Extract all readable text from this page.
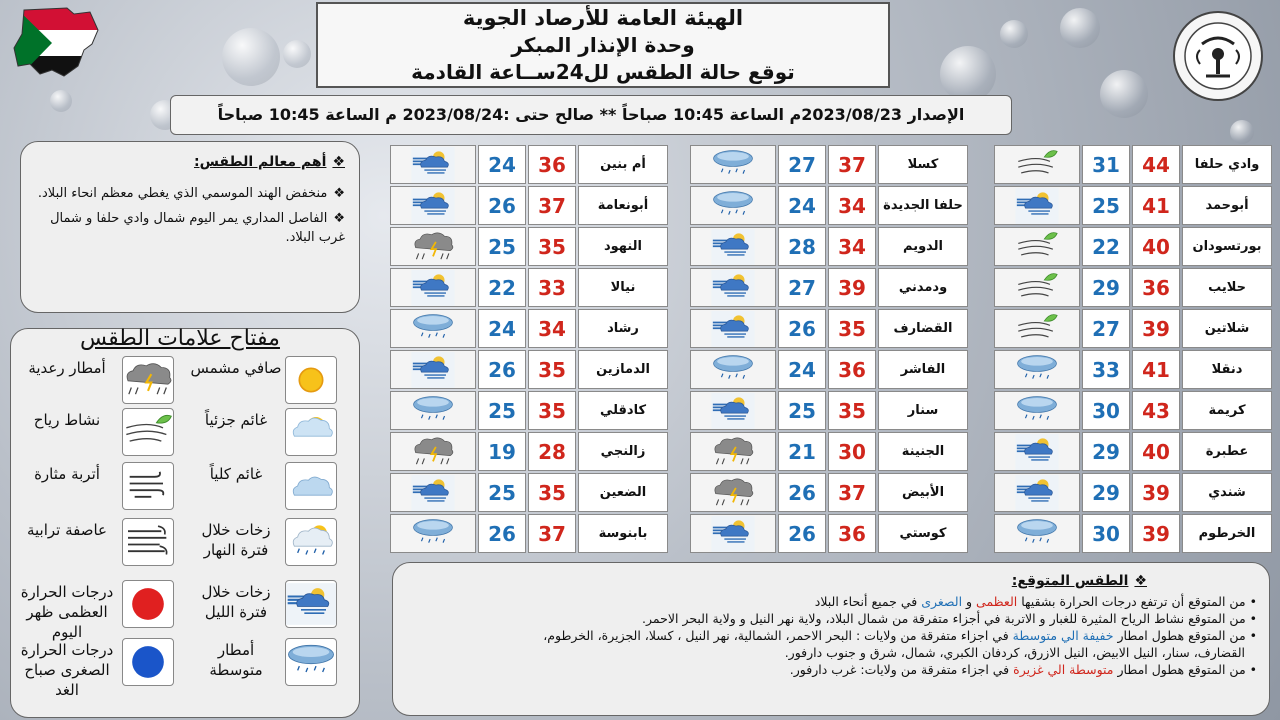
الهيئة العامة للأرصاد الجوية
وحدة الإنذار المبكر
توقع حالة الطقس لل24ســاعة القادمة
الإصدار 2023/08/23م الساعة 10:45 صباحاً ** صالح حتى :2023/08/24 م الساعة 10:45 صباحاً
❖أهم معالم الطقس:
❖منخفض الهند الموسمي الذي يغطي معظم انحاء البلاد.
❖الفاصل المداري يمر اليوم شمال وادي حلفا و شمال غرب البلاد.
مفتاح علامات الطقس
صافي مشمس
أمطار رعدية
غائم جزئياً
نشاط رياح
غائم كلياً
أتربة مثارة
زخات خلال فترة النهار
عاصفة ترابية
زخات خلال فترة الليل
درجات الحرارة العظمى ظهر اليوم
أمطار متوسطة
درجات الحرارة الصغرى صباح الغد
31	44	وادي حلفا
25	41	أبوحمد
22	40	بورتسودان
29	36	حلايب
27	39	شلاتين
33	41	دنقلا
30	43	كريمة
29	40	عطبرة
29	39	شندي
30	39	الخرطوم
27	37	كسلا
24	34	حلفا الجديدة
28	34	الدويم
27	39	ودمدني
26	35	القضارف
24	36	الفاشر
25	35	سنار
21	30	الجنينة
26	37	الأبيض
26	36	كوستي
24	36	أم بنين
26	37	أبونعامة
25	35	النهود
22	33	نيالا
24	34	رشاد
26	35	الدمازين
25	35	كادقلي
19	28	زالنجي
25	35	الضعين
26	37	بابنوسة
❖الطقس المتوقع:
• من المتوقع أن ترتفع درجات الحرارة بشقيها العظمى و الصغرى في جميع أنحاء البلاد
• من المتوقع نشاط الرياح المثيرة للغبار و الاتربة في أجزاء متفرقة من شمال البلاد، ولاية نهر النيل و ولاية البحر الاحمر.
• من المتوقع هطول امطار خفيفة الي متوسطة في اجزاء متفرقة من ولايات : البحر الاحمر، الشمالية، نهر النيل ، كسلا، الجزيرة، الخرطوم،
القضارف، سنار، النيل الابيض، النيل الازرق، كردفان الكبري، شمال، شرق و جنوب دارفور.
• من المتوقع هطول امطار متوسطة الي غزيرة في اجزاء متفرقة من ولايات: غرب دارفور.
